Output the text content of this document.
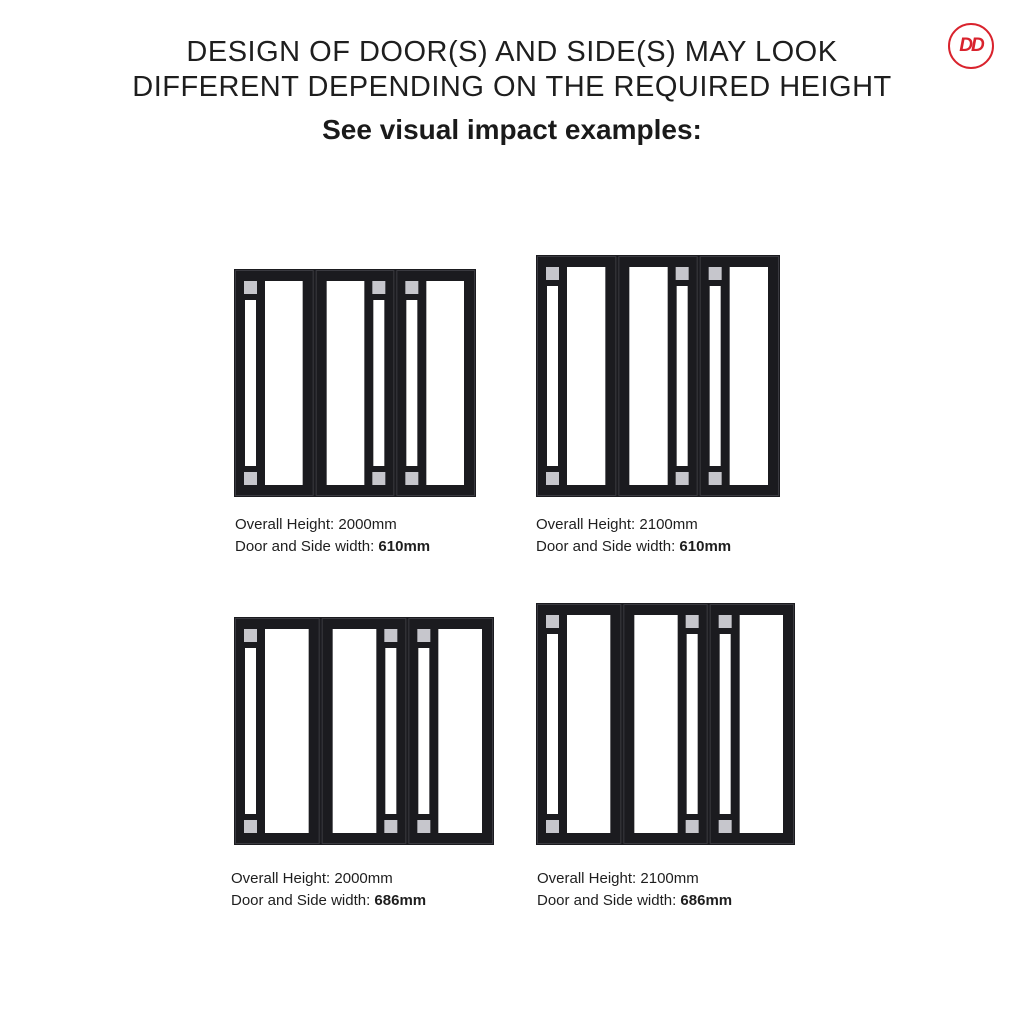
DESIGN OF DOOR(S) AND SIDE(S) MAY LOOK
DIFFERENT DEPENDING ON THE REQUIRED HEIGHT
See visual impact examples:
DD
Overall Height: 2000mm
Door and Side width: 610mm
Overall Height: 2100mm
Door and Side width: 610mm
Overall Height: 2000mm
Door and Side width: 686mm
Overall Height: 2100mm
Door and Side width: 686mm
